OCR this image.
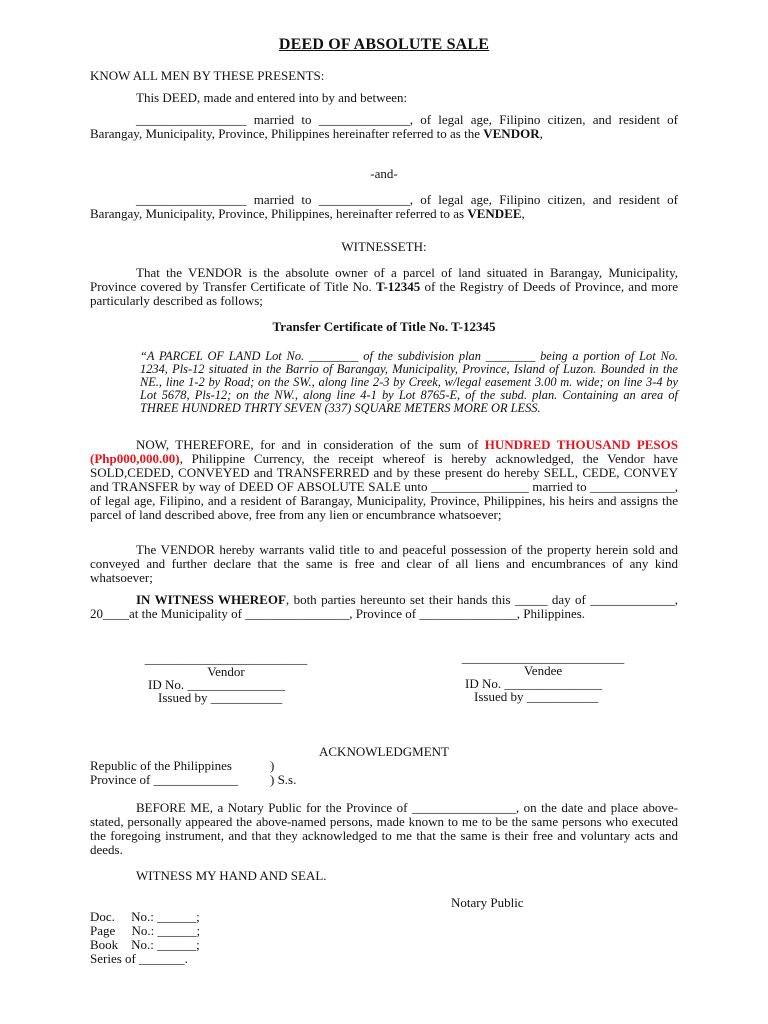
DEED OF ABSOLUTE SALE
KNOW ALL MEN BY THESE PRESENTS:
This DEED, made and entered into by and between:
_________________ married to ______________, of legal age, Filipino citizen, and resident of Barangay, Municipality, Province, Philippines hereinafter referred to as the VENDOR,
-and-
_________________ married to ______________, of legal age, Filipino citizen, and resident of Barangay, Municipality, Province, Philippines, hereinafter referred to as VENDEE,
WITNESSETH:
That the VENDOR is the absolute owner of a parcel of land situated in Barangay, Municipality, Province covered by Transfer Certificate of Title No. T-12345 of the Registry of Deeds of Province, and more particularly described as follows;
Transfer Certificate of Title No. T-12345
“A PARCEL OF LAND Lot No. ________ of the subdivision plan ________ being a portion of Lot No. 1234, Pls-12 situated in the Barrio of Barangay, Municipality, Province, Island of Luzon. Bounded in the NE., line 1-2 by Road; on the SW., along line 2-3 by Creek, w/legal easement 3.00 m. wide; on line 3-4 by Lot 5678, Pls-12; on the NW., along line 4-1 by Lot 8765-E, of the subd. plan. Containing an area of THREE HUNDRED THRTY SEVEN (337) SQUARE METERS MORE OR LESS.
NOW, THEREFORE, for and in consideration of the sum of HUNDRED THOUSAND PESOS (Php000,000.00), Philippine Currency, the receipt whereof is hereby acknowledged, the Vendor have SOLD,CEDED, CONVEYED and TRANSFERRED and by these present do hereby SELL, CEDE, CONVEY and TRANSFER by way of DEED OF ABSOLUTE SALE unto _______________ married to _____________, of legal age, Filipino, and a resident of Barangay, Municipality, Province, Philippines, his heirs and assigns the parcel of land described above, free from any lien or encumbrance whatsoever;
The VENDOR hereby warrants valid title to and peaceful possession of the property herein sold and conveyed and further declare that the same is free and clear of all liens and encumbrances of any kind whatsoever;
IN WITNESS WHEREOF, both parties hereunto set their hands this _____ day of _____________, 20____at the Municipality of ________________, Province of _______________, Philippines.
_________________________
Vendor
ID No. _______________
Issued by ___________
_________________________
Vendee
ID No. _______________
Issued by ___________
ACKNOWLEDGMENT
Republic of the Philippines	)
Province of _____________ ) S.s.
BEFORE ME, a Notary Public for the Province of ________________, on the date and place above-stated, personally appeared the above-named persons, made known to me to be the same persons who executed the foregoing instrument, and that they acknowledged to me that the same is their free and voluntary acts and deeds.
WITNESS MY HAND AND SEAL.
Notary Public
Doc.     No.: ______;
Page     No.: ______;
Book    No.: ______;
Series of _______.
